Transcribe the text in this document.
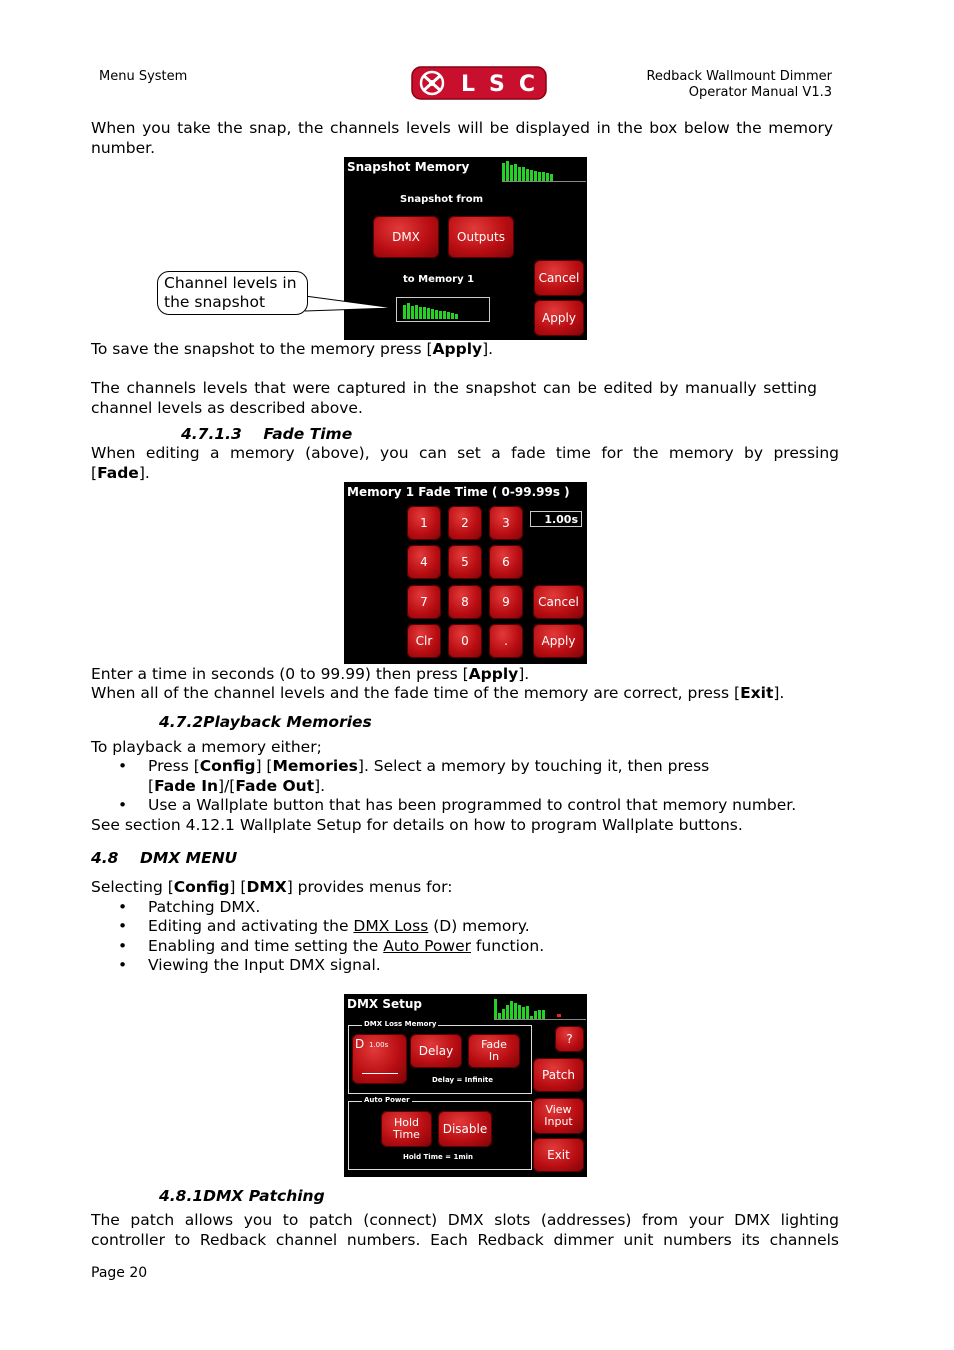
Menu System	LSC	Redback Wallmount Dimmer
Operator Manual V1.3
When you take the snap, the channels levels will be displayed in the box below the memory
number.
Snapshot Memory
Snapshot from
DMX	Outputs
to Memory 1	Cancel
Apply
Channel levels in
the snapshot
To save the snapshot to the memory press [Apply].
The channels levels that were captured in the snapshot can be edited by manually setting
channel levels as described above.
4.7.1.3    Fade Time
When editing a memory (above), you can set a fade time for the memory by pressing
[Fade].
Memory 1 Fade Time ( 0-99.99s )
1.00s
1	2	3
4	5	6
7	8	9
Clr	0	.
Cancel
Apply
Enter a time in seconds (0 to 99.99) then press [Apply].
When all of the channel levels and the fade time of the memory are correct, press [Exit].
4.7.2Playback Memories
To playback a memory either;
• Press [Config] [Memories]. Select a memory by touching it, then press
[Fade In]/[Fade Out].
• Use a Wallplate button that has been programmed to control that memory number.
See section 4.12.1 Wallplate Setup for details on how to program Wallplate buttons.
4.8    DMX MENU
Selecting [Config] [DMX] provides menus for:
• Patching DMX.
• Editing and activating the DMX Loss (D) memory.
• Enabling and time setting the Auto Power function.
• Viewing the Input DMX signal.
DMX Setup
DMX Loss Memory
D 1.00s	Delay	Fade In
Delay = Infinite
?
Patch
Auto Power
Hold Time	Disable
Hold Time = 1min
View Input
Exit
4.8.1DMX Patching
The patch allows you to patch (connect) DMX slots (addresses) from your DMX lighting
controller to Redback channel numbers. Each Redback dimmer unit numbers its channels
Page 20
